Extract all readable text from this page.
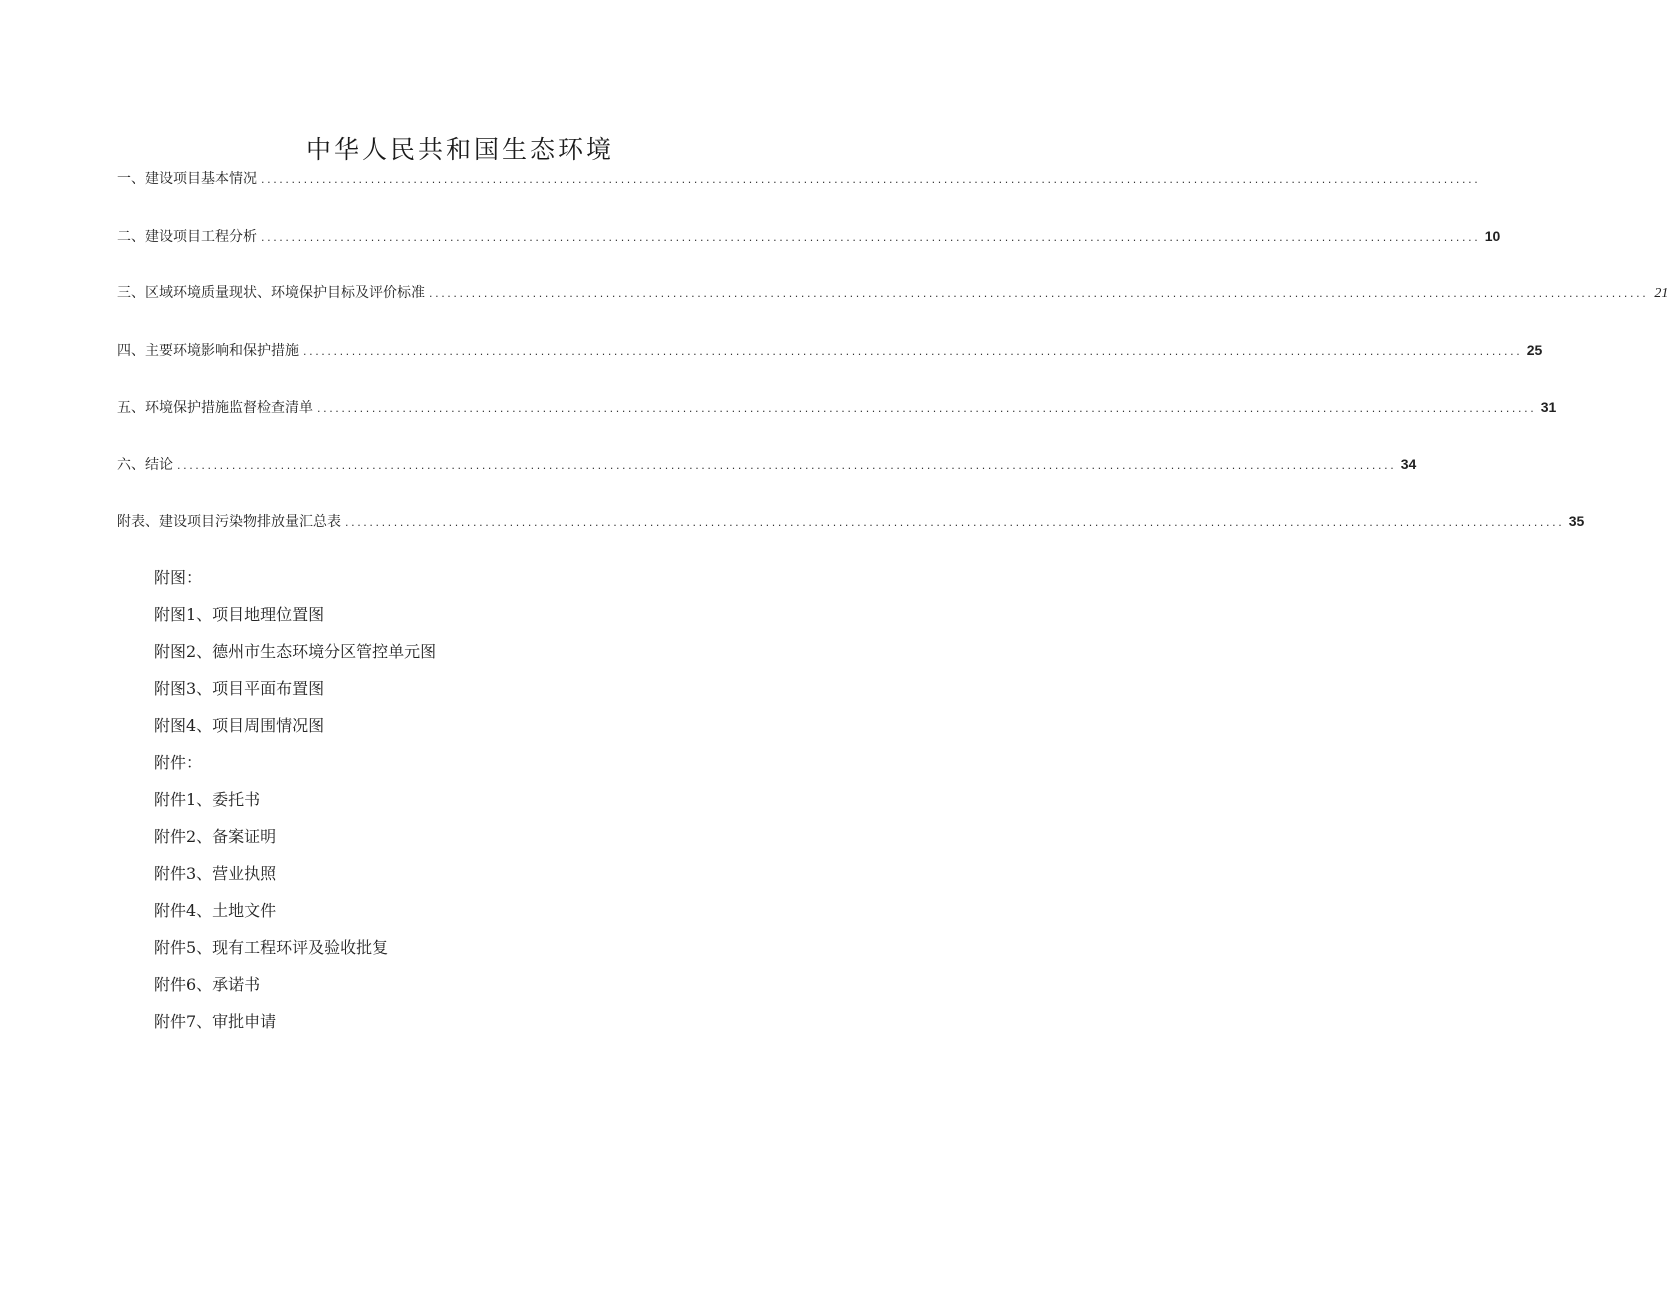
中华人民共和国生态环境
一、建设项目基本情况 ........................................................................................................................................................................................................
二、建设项目工程分析 ........................................................................................................................................................................................................ 10
三、区域环境质量现状、环境保护目标及评价标准 ........................................................................................................................................................................................................ 21
四、主要环境影响和保护措施 ........................................................................................................................................................................................................ 25
五、环境保护措施监督检查清单 ........................................................................................................................................................................................................ 31
六、结论 ........................................................................................................................................................................................................ 34
附表、建设项目污染物排放量汇总表 ........................................................................................................................................................................................................ 35
附图：
附图1、项目地理位置图
附图2、德州市生态环境分区管控单元图
附图3、项目平面布置图
附图4、项目周围情况图
附件：
附件1、委托书
附件2、备案证明
附件3、营业执照
附件4、土地文件
附件5、现有工程环评及验收批复
附件6、承诺书
附件7、审批申请
